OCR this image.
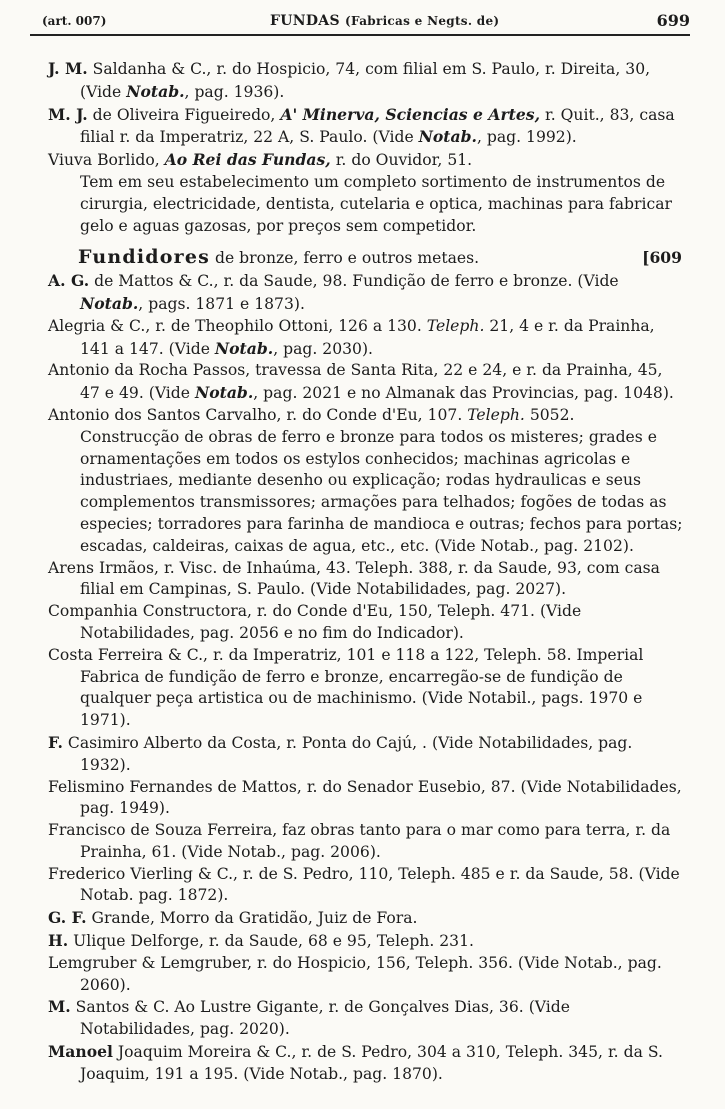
(art. 007)	FUNDAS (Fabricas e Negts. de)	699

J. M. Saldanha & C., r. do Hospicio, 74, com filial em S. Paulo, r. Direita, 30, (Vide Notab., pag. 1936).

M. J. de Oliveira Figueiredo, A' Minerva, Sciencias e Artes, r. Quit., 83, casa filial r. da Imperatriz, 22 A, S. Paulo. (Vide Notab., pag. 1992).

Viuva Borlido, Ao Rei das Fundas, r. do Ouvidor, 51.

Tem em seu estabelecimento um completo sortimento de instrumentos de cirurgia, electricidade, dentista, cutelaria e optica, machinas para fabricar gelo e aguas gazosas, por preços sem competidor.

Fundidores de bronze, ferro e outros metaes.	[609

A. G. de Mattos & C., r. da Saude, 98. Fundição de ferro e bronze. (Vide Notab., pags. 1871 e 1873).

Alegria & C., r. de Theophilo Ottoni, 126 a 130. Teleph. 21, 4 e r. da Prainha, 141 a 147. (Vide Notab., pag. 2030).

Antonio da Rocha Passos, travessa de Santa Rita, 22 e 24, e r. da Prainha, 45, 47 e 49. (Vide Notab., pag. 2021 e no Almanak das Provincias, pag. 1048).

Antonio dos Santos Carvalho, r. do Conde d'Eu, 107. Teleph. 5052.

Construcção de obras de ferro e bronze para todos os misteres; grades e ornamentações em todos os estylos conhecidos; machinas agricolas e industriaes, mediante desenho ou explicação; rodas hydraulicas e seus complementos transmissores; armações para telhados; fogões de todas as especies; torradores para farinha de mandioca e outras; fechos para portas; escadas, caldeiras, caixas de agua, etc., etc. (Vide Notab., pag. 2102).

Arens Irmãos, r. Visc. de Inhaúma, 43. Teleph. 388, r. da Saude, 93, com casa filial em Campinas, S. Paulo. (Vide Notabilidades, pag. 2027).

Companhia Constructora, r. do Conde d'Eu, 150, Teleph. 471. (Vide Notabilidades, pag. 2056 e no fim do Indicador).

Costa Ferreira & C., r. da Imperatriz, 101 e 118 a 122, Teleph. 58. Imperial Fabrica de fundição de ferro e bronze, encarregão-se de fundição de qualquer peça artistica ou de machinismo. (Vide Notabil., pags. 1970 e 1971).

F. Casimiro Alberto da Costa, r. Ponta do Cajú, . (Vide Notabilidades, pag. 1932).

Felismino Fernandes de Mattos, r. do Senador Eusebio, 87. (Vide Notabilidades, pag. 1949).

Francisco de Souza Ferreira, faz obras tanto para o mar como para terra, r. da Prainha, 61. (Vide Notab., pag. 2006).

Frederico Vierling & C., r. de S. Pedro, 110, Teleph. 485 e r. da Saude, 58. (Vide Notab. pag. 1872).

G. F. Grande, Morro da Gratidão, Juiz de Fora.

H. Ulique Delforge, r. da Saude, 68 e 95, Teleph. 231.

Lemgruber & Lemgruber, r. do Hospicio, 156, Teleph. 356. (Vide Notab., pag. 2060).

M. Santos & C. Ao Lustre Gigante, r. de Gonçalves Dias, 36. (Vide Notabilidades, pag. 2020).

Manoel Joaquim Moreira & C., r. de S. Pedro, 304 a 310, Teleph. 345, r. da S. Joaquim, 191 a 195. (Vide Notab., pag. 1870).
